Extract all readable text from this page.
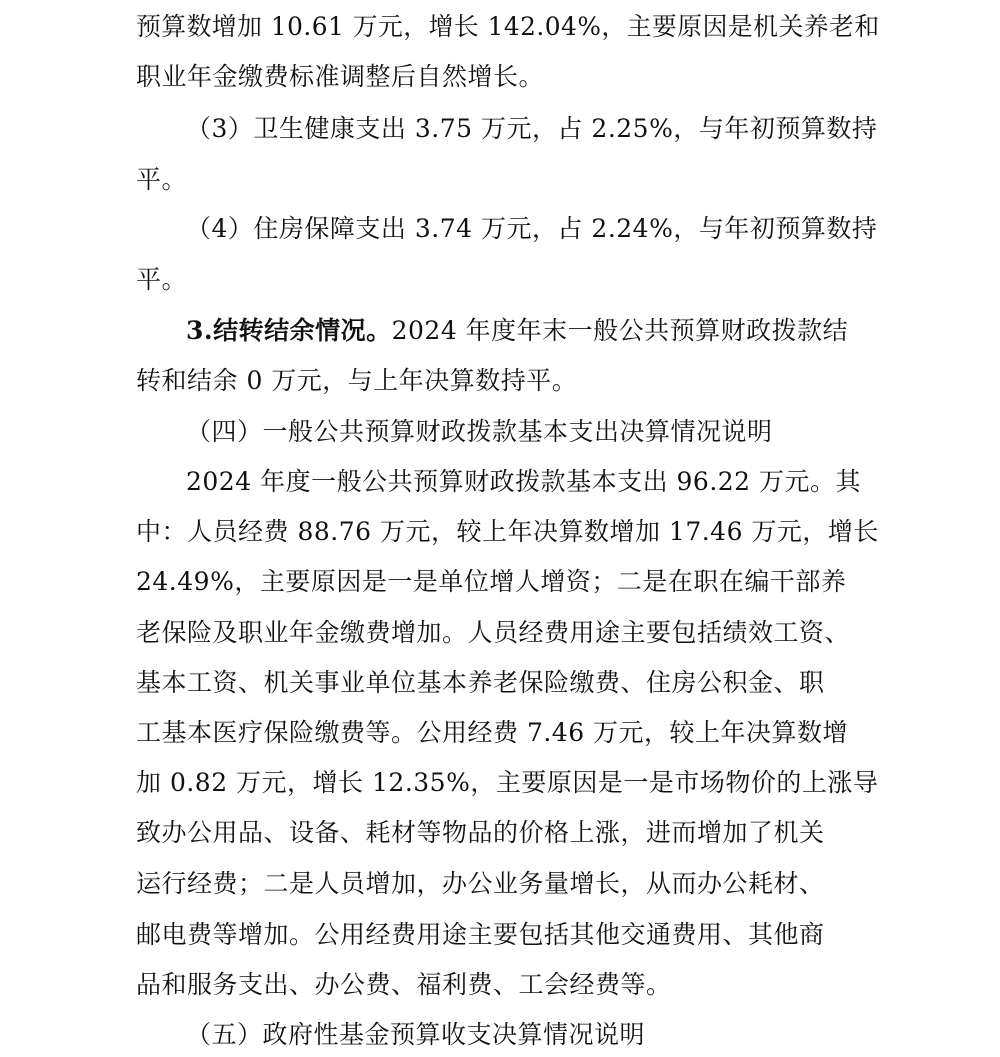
预算数增加 10.61 万元，增长 142.04%，主要原因是机关养老和
职业年金缴费标准调整后自然增长。
（3）卫生健康支出 3.75 万元，占 2.25%，与年初预算数持
平。
（4）住房保障支出 3.74 万元，占 2.24%，与年初预算数持
平。
3.结转结余情况。2024 年度年末一般公共预算财政拨款结
转和结余 0 万元，与上年决算数持平。
（四）一般公共预算财政拨款基本支出决算情况说明
2024 年度一般公共预算财政拨款基本支出 96.22 万元。其
中：人员经费 88.76 万元，较上年决算数增加 17.46 万元，增长
24.49%，主要原因是一是单位增人增资；二是在职在编干部养
老保险及职业年金缴费增加。人员经费用途主要包括绩效工资、
基本工资、机关事业单位基本养老保险缴费、住房公积金、职
工基本医疗保险缴费等。公用经费 7.46 万元，较上年决算数增
加 0.82 万元，增长 12.35%，主要原因是一是市场物价的上涨导
致办公用品、设备、耗材等物品的价格上涨，进而增加了机关
运行经费；二是人员增加，办公业务量增长，从而办公耗材、
邮电费等增加。公用经费用途主要包括其他交通费用、其他商
品和服务支出、办公费、福利费、工会经费等。
（五）政府性基金预算收支决算情况说明
